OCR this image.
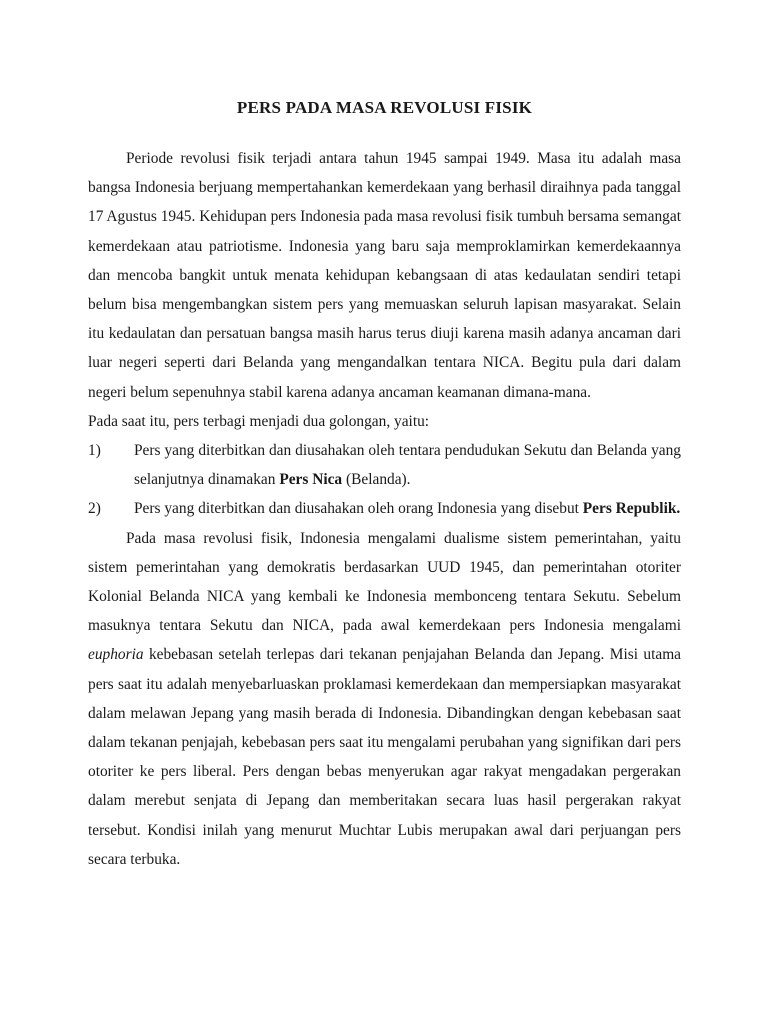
PERS PADA MASA REVOLUSI FISIK

Periode revolusi fisik terjadi antara tahun 1945 sampai 1949. Masa itu adalah masa bangsa Indonesia berjuang mempertahankan kemerdekaan yang berhasil diraihnya pada tanggal 17 Agustus 1945. Kehidupan pers Indonesia pada masa revolusi fisik tumbuh bersama semangat kemerdekaan atau patriotisme. Indonesia yang baru saja memproklamirkan kemerdekaannya dan mencoba bangkit untuk menata kehidupan kebangsaan di atas kedaulatan sendiri tetapi belum bisa mengembangkan sistem pers yang memuaskan seluruh lapisan masyarakat. Selain itu kedaulatan dan persatuan bangsa masih harus terus diuji karena masih adanya ancaman dari luar negeri seperti dari Belanda yang mengandalkan tentara NICA. Begitu pula dari dalam negeri belum sepenuhnya stabil karena adanya ancaman keamanan dimana-mana.

Pada saat itu, pers terbagi menjadi dua golongan, yaitu:

1)	Pers yang diterbitkan dan diusahakan oleh tentara pendudukan Sekutu dan Belanda yang selanjutnya dinamakan Pers Nica (Belanda).
2)	Pers yang diterbitkan dan diusahakan oleh orang Indonesia yang disebut Pers Republik.

Pada masa revolusi fisik, Indonesia mengalami dualisme sistem pemerintahan, yaitu sistem pemerintahan yang demokratis berdasarkan UUD 1945, dan pemerintahan otoriter Kolonial Belanda NICA yang kembali ke Indonesia membonceng tentara Sekutu. Sebelum masuknya tentara Sekutu dan NICA, pada awal kemerdekaan pers Indonesia mengalami euphoria kebebasan setelah terlepas dari tekanan penjajahan Belanda dan Jepang. Misi utama pers saat itu adalah menyebarluaskan proklamasi kemerdekaan dan mempersiapkan masyarakat dalam melawan Jepang yang masih berada di Indonesia. Dibandingkan dengan kebebasan saat dalam tekanan penjajah, kebebasan pers saat itu mengalami perubahan yang signifikan dari pers otoriter ke pers liberal. Pers dengan bebas menyerukan agar rakyat mengadakan pergerakan dalam merebut senjata di Jepang dan memberitakan secara luas hasil pergerakan rakyat tersebut. Kondisi inilah yang menurut Muchtar Lubis merupakan awal dari perjuangan pers secara terbuka.
